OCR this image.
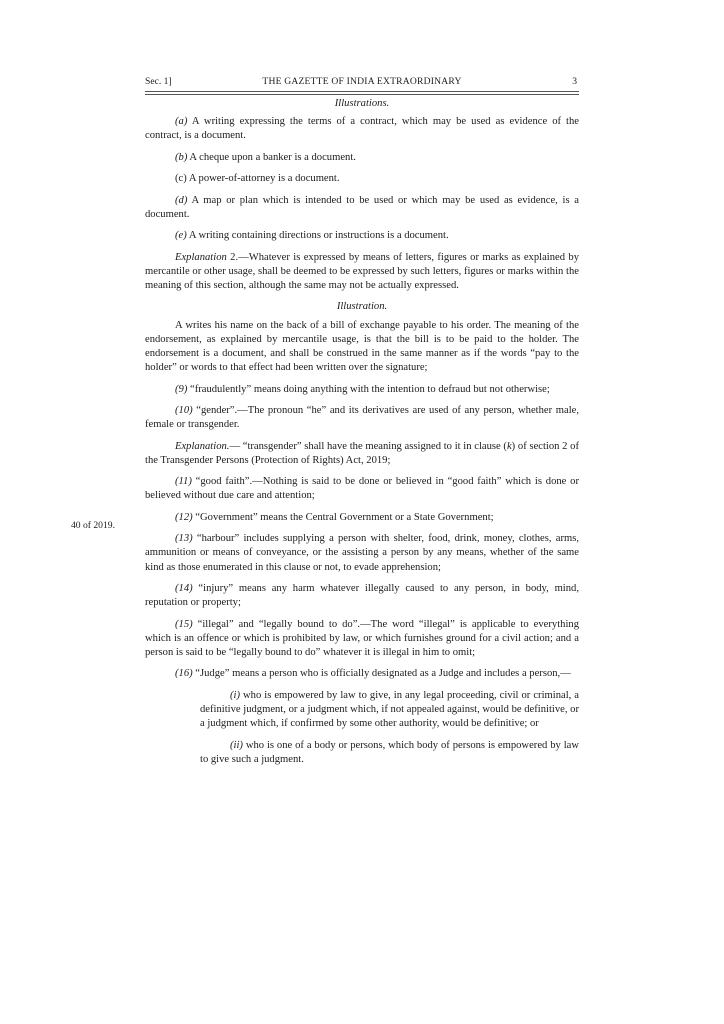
Sec. 1]	THE GAZETTE OF INDIA EXTRAORDINARY	3
40 of 2019.

Illustrations.

(a) A writing expressing the terms of a contract, which may be used as evidence of the contract, is a document.

(b) A cheque upon a banker is a document.

(c) A power-of-attorney is a document.

(d) A map or plan which is intended to be used or which may be used as evidence, is a document.

(e) A writing containing directions or instructions is a document.

Explanation 2.—Whatever is expressed by means of letters, figures or marks as explained by mercantile or other usage, shall be deemed to be expressed by such letters, figures or marks within the meaning of this section, although the same may not be actually expressed.

Illustration.

A writes his name on the back of a bill of exchange payable to his order. The meaning of the endorsement, as explained by mercantile usage, is that the bill is to be paid to the holder. The endorsement is a document, and shall be construed in the same manner as if the words “pay to the holder” or words to that effect had been written over the signature;

(9) “fraudulently” means doing anything with the intention to defraud but not otherwise;

(10) “gender”.—The pronoun “he” and its derivatives are used of any person, whether male, female or transgender.

Explanation.— “transgender” shall have the meaning assigned to it in clause (k) of section 2 of the Transgender Persons (Protection of Rights) Act, 2019;

(11) “good faith”.—Nothing is said to be done or believed in “good faith” which is done or believed without due care and attention;

(12) “Government” means the Central Government or a State Government;

(13) “harbour” includes supplying a person with shelter, food, drink, money, clothes, arms, ammunition or means of conveyance, or the assisting a person by any means, whether of the same kind as those enumerated in this clause or not, to evade apprehension;

(14) “injury” means any harm whatever illegally caused to any person, in body, mind, reputation or property;

(15) “illegal” and “legally bound to do”.—The word “illegal” is applicable to everything which is an offence or which is prohibited by law, or which furnishes ground for a civil action; and a person is said to be “legally bound to do” whatever it is illegal in him to omit;

(16) “Judge” means a person who is officially designated as a Judge and includes a person,—

(i) who is empowered by law to give, in any legal proceeding, civil or criminal, a definitive judgment, or a judgment which, if not appealed against, would be definitive, or a judgment which, if confirmed by some other authority, would be definitive; or

(ii) who is one of a body or persons, which body of persons is empowered by law to give such a judgment.
